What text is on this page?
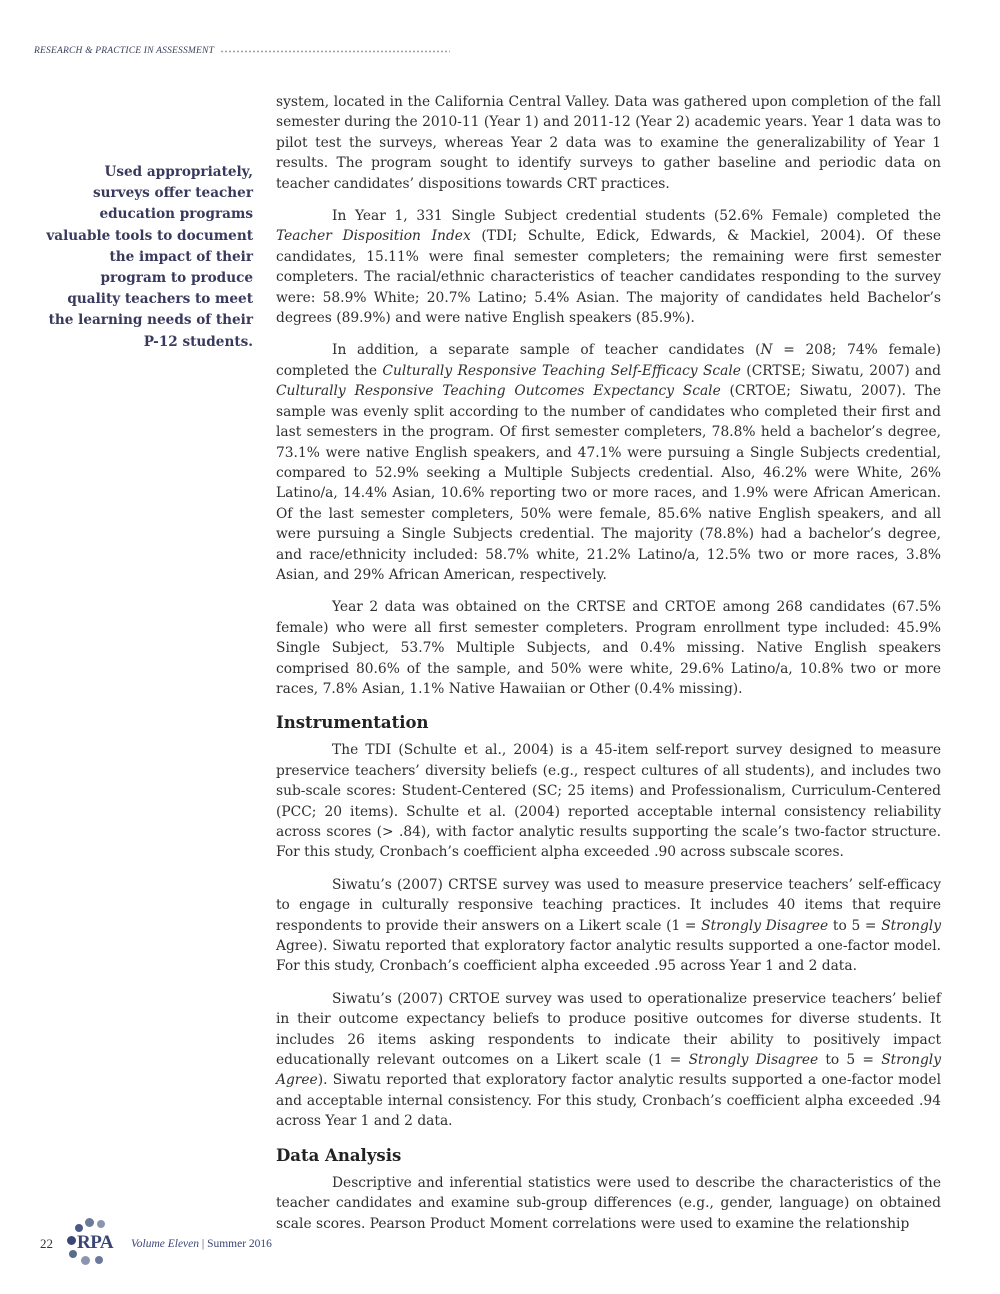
RESEARCH & PRACTICE IN ASSESSMENT

Used appropriately, surveys offer teacher education programs valuable tools to document the impact of their program to produce quality teachers to meet the learning needs of their P-12 students.

system, located in the California Central Valley. Data was gathered upon completion of the fall semester during the 2010-11 (Year 1) and 2011-12 (Year 2) academic years. Year 1 data was to pilot test the surveys, whereas Year 2 data was to examine the generalizability of Year 1 results. The program sought to identify surveys to gather baseline and periodic data on teacher candidates’ dispositions towards CRT practices.

In Year 1, 331 Single Subject credential students (52.6% Female) completed the Teacher Disposition Index (TDI; Schulte, Edick, Edwards, & Mackiel, 2004). Of these candidates, 15.11% were final semester completers; the remaining were first semester completers. The racial/ethnic characteristics of teacher candidates responding to the survey were: 58.9% White; 20.7% Latino; 5.4% Asian. The majority of candidates held Bachelor’s degrees (89.9%) and were native English speakers (85.9%).

In addition, a separate sample of teacher candidates (N = 208; 74% female) completed the Culturally Responsive Teaching Self-Efficacy Scale (CRTSE; Siwatu, 2007) and Culturally Responsive Teaching Outcomes Expectancy Scale (CRTOE; Siwatu, 2007). The sample was evenly split according to the number of candidates who completed their first and last semesters in the program. Of first semester completers, 78.8% held a bachelor’s degree, 73.1% were native English speakers, and 47.1% were pursuing a Single Subjects credential, compared to 52.9% seeking a Multiple Subjects credential. Also, 46.2% were White, 26% Latino/a, 14.4% Asian, 10.6% reporting two or more races, and 1.9% were African American. Of the last semester completers, 50% were female, 85.6% native English speakers, and all were pursuing a Single Subjects credential. The majority (78.8%) had a bachelor’s degree, and race/ethnicity included: 58.7% white, 21.2% Latino/a, 12.5% two or more races, 3.8% Asian, and 29% African American, respectively.

Year 2 data was obtained on the CRTSE and CRTOE among 268 candidates (67.5% female) who were all first semester completers. Program enrollment type included: 45.9% Single Subject, 53.7% Multiple Subjects, and 0.4% missing. Native English speakers comprised 80.6% of the sample, and 50% were white, 29.6% Latino/a, 10.8% two or more races, 7.8% Asian, 1.1% Native Hawaiian or Other (0.4% missing).

Instrumentation

The TDI (Schulte et al., 2004) is a 45-item self-report survey designed to measure preservice teachers’ diversity beliefs (e.g., respect cultures of all students), and includes two sub-scale scores: Student-Centered (SC; 25 items) and Professionalism, Curriculum-Centered (PCC; 20 items). Schulte et al. (2004) reported acceptable internal consistency reliability across scores (> .84), with factor analytic results supporting the scale’s two-factor structure. For this study, Cronbach’s coefficient alpha exceeded .90 across subscale scores.

Siwatu’s (2007) CRTSE survey was used to measure preservice teachers’ self-efficacy to engage in culturally responsive teaching practices. It includes 40 items that require respondents to provide their answers on a Likert scale (1 = Strongly Disagree to 5 = Strongly Agree). Siwatu reported that exploratory factor analytic results supported a one-factor model. For this study, Cronbach’s coefficient alpha exceeded .95 across Year 1 and 2 data.

Siwatu’s (2007) CRTOE survey was used to operationalize preservice teachers’ belief in their outcome expectancy beliefs to produce positive outcomes for diverse students. It includes 26 items asking respondents to indicate their ability to positively impact educationally relevant outcomes on a Likert scale (1 = Strongly Disagree to 5 = Strongly Agree). Siwatu reported that exploratory factor analytic results supported a one-factor model and acceptable internal consistency. For this study, Cronbach’s coefficient alpha exceeded .94 across Year 1 and 2 data.

Data Analysis

Descriptive and inferential statistics were used to describe the characteristics of the teacher candidates and examine sub-group differences (e.g., gender, language) on obtained scale scores. Pearson Product Moment correlations were used to examine the relationship

22 RPA Volume Eleven | Summer 2016
